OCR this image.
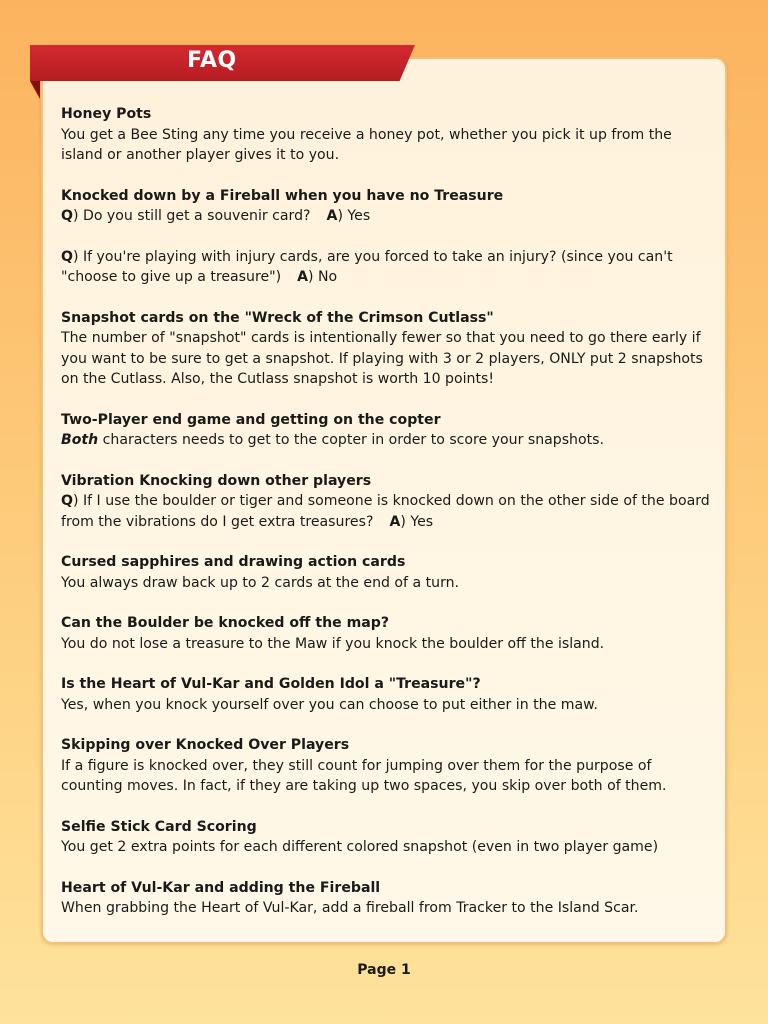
FAQ

Honey Pots

You get a Bee Sting any time you receive a honey pot, whether you pick it up from the island or another player gives it to you.

Knocked down by a Fireball when you have no Treasure

Q) Do you still get a souvenir card? A) Yes

Q) If you're playing with injury cards, are you forced to take an injury? (since you can't "choose to give up a treasure") A) No

Snapshot cards on the "Wreck of the Crimson Cutlass"

The number of "snapshot" cards is intentionally fewer so that you need to go there early if you want to be sure to get a snapshot. If playing with 3 or 2 players, ONLY put 2 snapshots on the Cutlass. Also, the Cutlass snapshot is worth 10 points!

Two-Player end game and getting on the copter

Both characters needs to get to the copter in order to score your snapshots.

Vibration Knocking down other players

Q) If I use the boulder or tiger and someone is knocked down on the other side of the board from the vibrations do I get extra treasures? A) Yes

Cursed sapphires and drawing action cards

You always draw back up to 2 cards at the end of a turn.

Can the Boulder be knocked off the map?

You do not lose a treasure to the Maw if you knock the boulder off the island.

Is the Heart of Vul-Kar and Golden Idol a "Treasure"?

Yes, when you knock yourself over you can choose to put either in the maw.

Skipping over Knocked Over Players

If a figure is knocked over, they still count for jumping over them for the purpose of counting moves. In fact, if they are taking up two spaces, you skip over both of them.

Selfie Stick Card Scoring

You get 2 extra points for each different colored snapshot (even in two player game)

Heart of Vul-Kar and adding the Fireball

When grabbing the Heart of Vul-Kar, add a fireball from Tracker to the Island Scar.

Page 1
